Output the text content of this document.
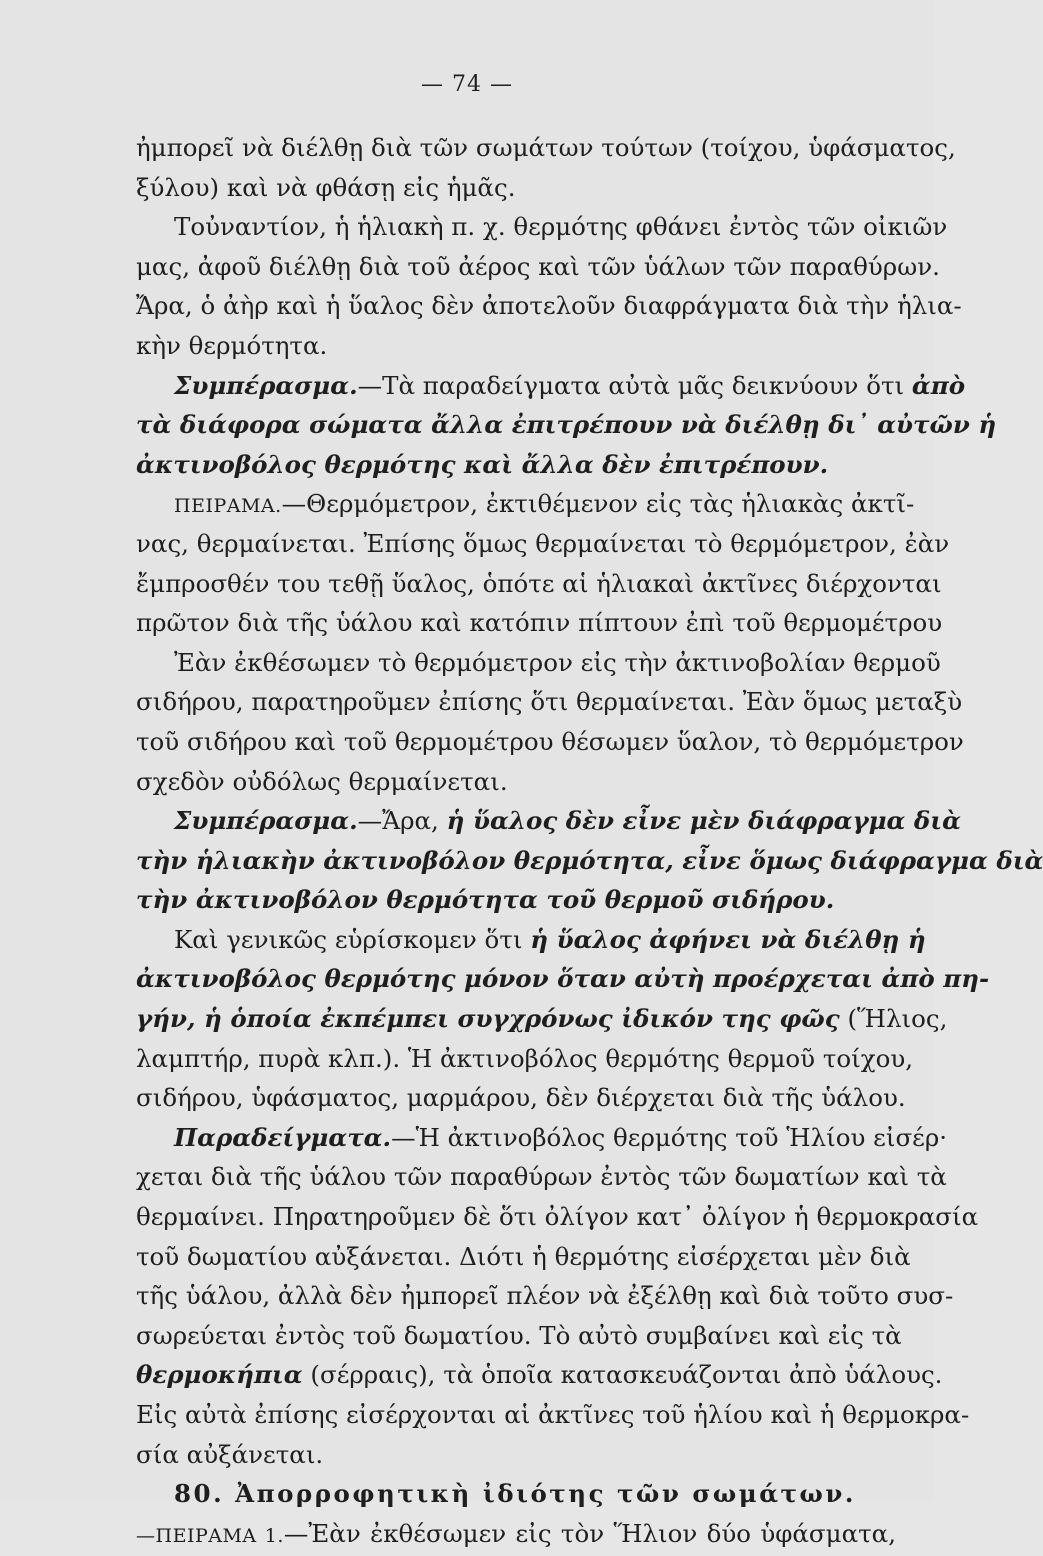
— 74 —
ἠμπορεῖ νὰ διέλθῃ διὰ τῶν σωμάτων τούτων (τοίχου, ὑφάσματος,
ξύλου) καὶ νὰ φθάσῃ εἰς ἡμᾶς.
Τοὐναντίον, ἡ ἡλιακὴ π. χ. θερμότης φθάνει ἐντὸς τῶν οἰκιῶν
μας, ἀφοῦ διέλθῃ διὰ τοῦ ἀέρος καὶ τῶν ὑάλων τῶν παραθύρων.
Ἄρα, ὁ ἀὴρ καὶ ἡ ὕαλος δὲν ἀποτελοῦν διαφράγματα διὰ τὴν ἡλια-
κὴν θερμότητα.
Συμπέρασμα.—Τὰ παραδείγματα αὐτὰ μᾶς δεικνύουν ὅτι ἀπὸ
τὰ διάφορα σώματα ἄλλα ἐπιτρέπουν νὰ διέλθῃ δι᾿ αὐτῶν ἡ
ἀκτινοβόλος θερμότης καὶ ἄλλα δὲν ἐπιτρέπουν.
ΠΕΙΡΑΜΑ.—Θερμόμετρον, ἐκτιθέμενον εἰς τὰς ἡλιακὰς ἀκτῖ-
νας, θερμαίνεται. Ἐπίσης ὅμως θερμαίνεται τὸ θερμόμετρον, ἐὰν
ἔμπροσθέν του τεθῇ ὕαλος, ὁπότε αἱ ἡλιακαὶ ἀκτῖνες διέρχονται
πρῶτον διὰ τῆς ὑάλου καὶ κατόπιν πίπτουν ἐπὶ τοῦ θερμομέτρου
Ἐὰν ἐκθέσωμεν τὸ θερμόμετρον εἰς τὴν ἀκτινοβολίαν θερμοῦ
σιδήρου, παρατηροῦμεν ἐπίσης ὅτι θερμαίνεται. Ἐὰν ὅμως μεταξὺ
τοῦ σιδήρου καὶ τοῦ θερμομέτρου θέσωμεν ὕαλον, τὸ θερμόμετρον
σχεδὸν οὐδόλως θερμαίνεται.
Συμπέρασμα.—Ἄρα, ἡ ὕαλος δὲν εἶνε μὲν διάφραγμα διὰ
τὴν ἡλιακὴν ἀκτινοβόλον θερμότητα, εἶνε ὅμως διάφραγμα διὰ
τὴν ἀκτινοβόλον θερμότητα τοῦ θερμοῦ σιδήρου.
Καὶ γενικῶς εὑρίσκομεν ὅτι ἡ ὕαλος ἀφήνει νὰ διέλθῃ ἡ
ἀκτινοβόλος θερμότης μόνον ὅταν αὐτὴ προέρχεται ἀπὸ πη-
γήν, ἡ ὁποία ἐκπέμπει συγχρόνως ἰδικόν της φῶς (Ἥλιος,
λαμπτήρ, πυρὰ κλπ.). Ἡ ἀκτινοβόλος θερμότης θερμοῦ τοίχου,
σιδήρου, ὑφάσματος, μαρμάρου, δὲν διέρχεται διὰ τῆς ὑάλου.
Παραδείγματα.—Ἡ ἀκτινοβόλος θερμότης τοῦ Ἡλίου εἰσέρ·
χεται διὰ τῆς ὑάλου τῶν παραθύρων ἐντὸς τῶν δωματίων καὶ τὰ
θερμαίνει. Πηρατηροῦμεν δὲ ὅτι ὀλίγον κατ᾿ ὀλίγον ἡ θερμοκρασία
τοῦ δωματίου αὐξάνεται. Διότι ἡ θερμότης εἰσέρχεται μὲν διὰ
τῆς ὑάλου, ἀλλὰ δὲν ἠμπορεῖ πλέον νὰ ἐξέλθῃ καὶ διὰ τοῦτο συσ-
σωρεύεται ἐντὸς τοῦ δωματίου. Τὸ αὐτὸ συμβαίνει καὶ εἰς τὰ
θερμοκήπια (σέρραις), τὰ ὁποῖα κατασκευάζονται ἀπὸ ὑάλους.
Εἰς αὐτὰ ἐπίσης εἰσέρχονται αἱ ἀκτῖνες τοῦ ἡλίου καὶ ἡ θερμοκρα-
σία αὐξάνεται.
80. Ἀπορροφητικὴ ἰδιότης τῶν σωμάτων.
—ΠΕΙΡΑΜΑ 1.—Ἐὰν ἐκθέσωμεν εἰς τὸν Ἥλιον δύο ὑφάσματα,
